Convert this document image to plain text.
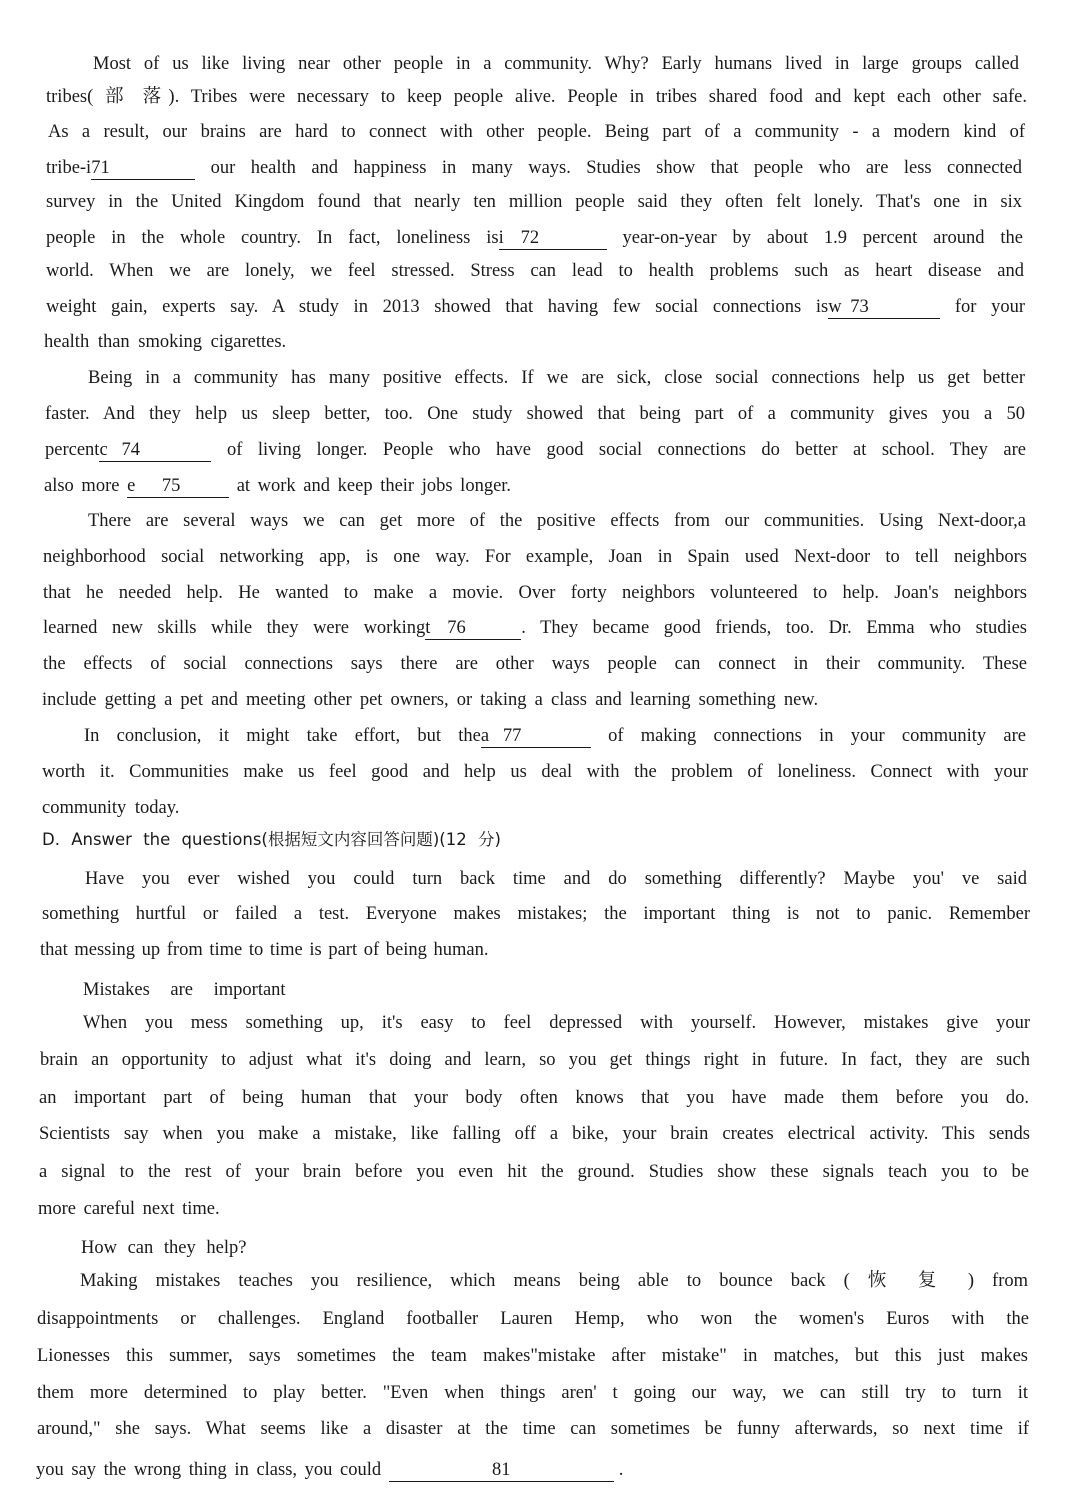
Most of us like living near other people in a community. Why? Early humans lived in large groups called
tribes( 部 落). Tribes were necessary to keep people alive. People in tribes shared food and kept each other safe.
As a result, our brains are hard to connect with other people. Being part of a community - a modern kind of
tribe-i71	our health and happiness in many ways. Studies show that people who are less connected
survey in the United Kingdom found that nearly ten million people said they often felt lonely. That's one in six
people in the whole country. In fact, loneliness isi 72	year-on-year by about 1.9 percent around the
world. When we are lonely, we feel stressed. Stress can lead to health problems such as heart disease and
weight gain, experts say. A study in 2013 showed that having few social connections isw 73	for your
health than smoking cigarettes.
Being in a community has many positive effects. If we are sick, close social connections help us get better
faster. And they help us sleep better, too. One study showed that being part of a community gives you a 50
percentc 74	of living longer. People who have good social connections do better at school. They are
also more e 75	at work and keep their jobs longer.
There are several ways we can get more of the positive effects from our communities. Using Next-door,a
neighborhood social networking app, is one way. For example, Joan in Spain used Next-door to tell neighbors
that he needed help. He wanted to make a movie. Over forty neighbors volunteered to help. Joan's neighbors
learned new skills while they were workingt 76	. They became good friends, too. Dr. Emma who studies
the effects of social connections says there are other ways people can connect in their community. These
include getting a pet and meeting other pet owners, or taking a class and learning something new.
In conclusion, it might take effort, but thea 77	of making connections in your community are
worth it. Communities make us feel good and help us deal with the problem of loneliness. Connect with your
community today.
D. Answer the questions(根据短文内容回答问题)(12 分)
Have you ever wished you could turn back time and do something differently? Maybe you' ve said
something hurtful or failed a test. Everyone makes mistakes; the important thing is not to panic. Remember
that messing up from time to time is part of being human.
Mistakes are important
When you mess something up, it's easy to feel depressed with yourself. However, mistakes give your
brain an opportunity to adjust what it's doing and learn, so you get things right in future. In fact, they are such
an important part of being human that your body often knows that you have made them before you do.
Scientists say when you make a mistake, like falling off a bike, your brain creates electrical activity. This sends
a signal to the rest of your brain before you even hit the ground. Studies show these signals teach you to be
more careful next time.
How can they help?
Making mistakes teaches you resilience, which means being able to bounce back ( 恢 复 ) from
disappointments or challenges. England footballer Lauren Hemp, who won the women's Euros with the
Lionesses this summer, says sometimes the team makes"mistake after mistake" in matches, but this just makes
them more determined to play better. "Even when things aren' t going our way, we can still try to turn it
around," she says. What seems like a disaster at the time can sometimes be funny afterwards, so next time if
you say the wrong thing in class, you could	81	.
